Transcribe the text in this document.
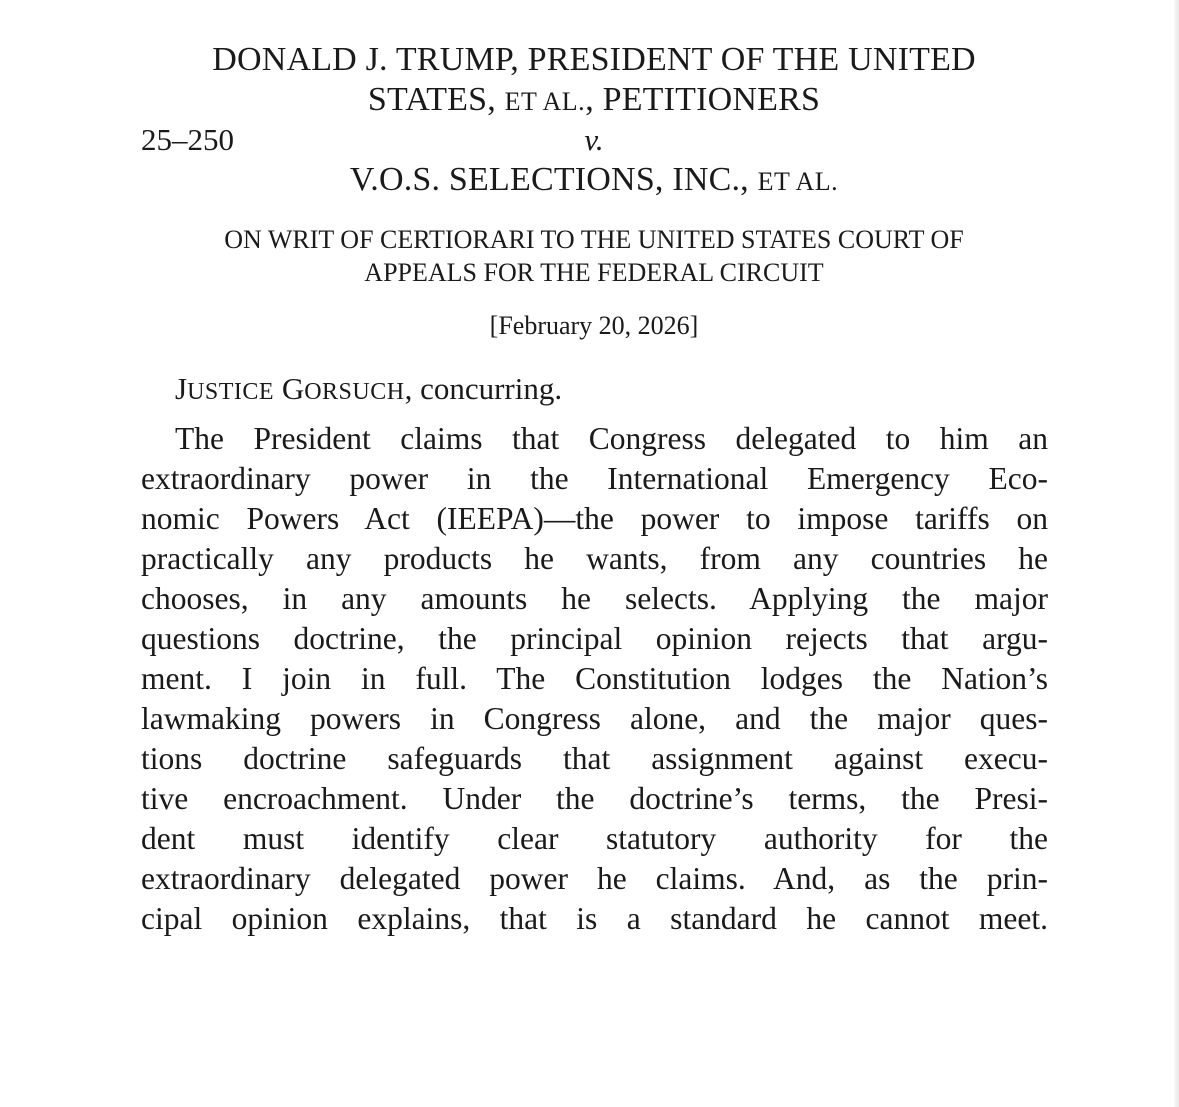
DONALD J. TRUMP, PRESIDENT OF THE UNITED
STATES, ET AL., PETITIONERS
25–250	v.
V.O.S. SELECTIONS, INC., ET AL.
ON WRIT OF CERTIORARI TO THE UNITED STATES COURT OF
APPEALS FOR THE FEDERAL CIRCUIT
[February 20, 2026]
JUSTICE GORSUCH, concurring.
The President claims that Congress delegated to him an
extraordinary power in the International Emergency Eco-
nomic Powers Act (IEEPA)—the power to impose tariffs on
practically any products he wants, from any countries he
chooses, in any amounts he selects. Applying the major
questions doctrine, the principal opinion rejects that argu-
ment. I join in full. The Constitution lodges the Nation’s
lawmaking powers in Congress alone, and the major ques-
tions doctrine safeguards that assignment against execu-
tive encroachment. Under the doctrine’s terms, the Presi-
dent must identify clear statutory authority for the
extraordinary delegated power he claims. And, as the prin-
cipal opinion explains, that is a standard he cannot meet.
